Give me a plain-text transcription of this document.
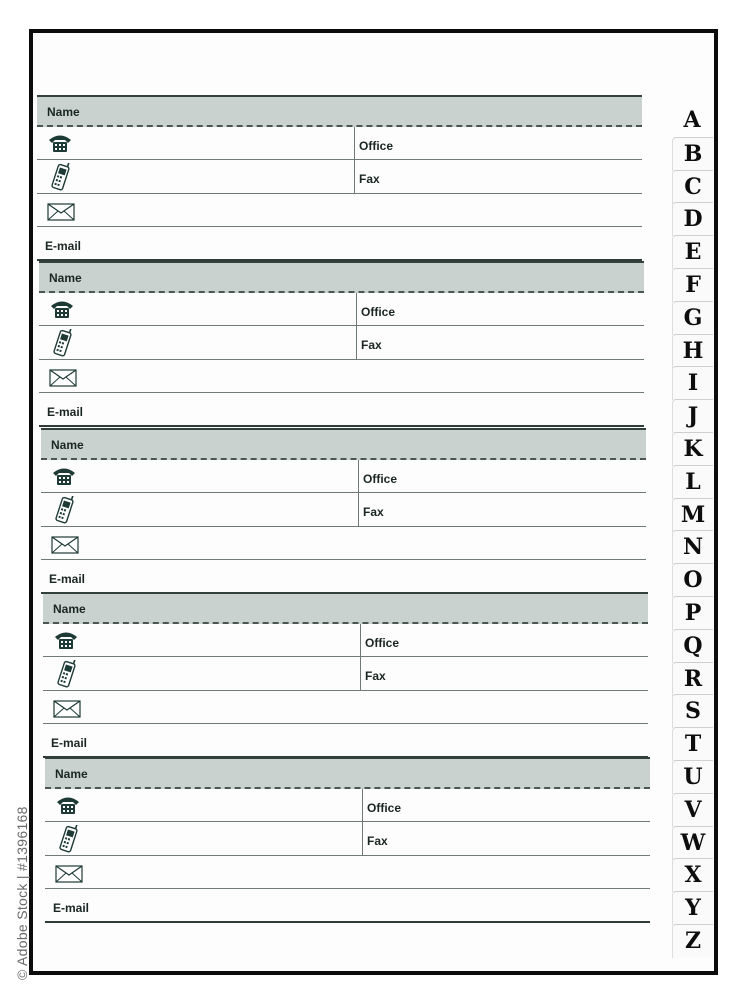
Name
Office
Fax
E-mail
Name
Office
Fax
E-mail
Name
Office
Fax
E-mail
Name
Office
Fax
E-mail
Name
Office
Fax
E-mail
A
B
C
D
E
F
G
H
I
J
K
L
M
N
O
P
Q
R
S
T
U
V
W
X
Y
Z
© Adobe Stock | #1396168
